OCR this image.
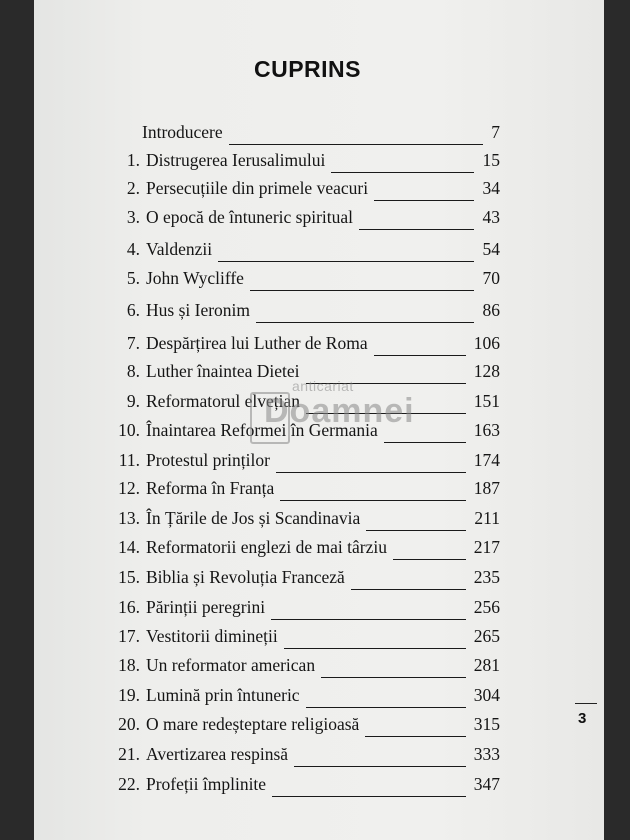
CUPRINS
Introducere	7
1. Distrugerea Ierusalimului	15
2. Persecuțiile din primele veacuri	34
3. O epocă de întuneric spiritual	43
4. Valdenzii	54
5. John Wycliffe	70
6. Hus și Ieronim	86
7. Despărțirea lui Luther de Roma	106
8. Luther înaintea Dietei	128
9. Reformatorul elvețian	151
10. Înaintarea Reformei în Germania	163
11. Protestul prinților	174
12. Reforma în Franța	187
13. În Țările de Jos și Scandinavia	211
14. Reformatorii englezi de mai târziu	217
15. Biblia și Revoluția Franceză	235
16. Părinții peregrini	256
17. Vestitorii dimineții	265
18. Un reformator american	281
19. Lumină prin întuneric	304
20. O mare redeșteptare religioasă	315
21. Avertizarea respinsă	333
22. Profeții împlinite	347
3
anticariat
Doamnei
